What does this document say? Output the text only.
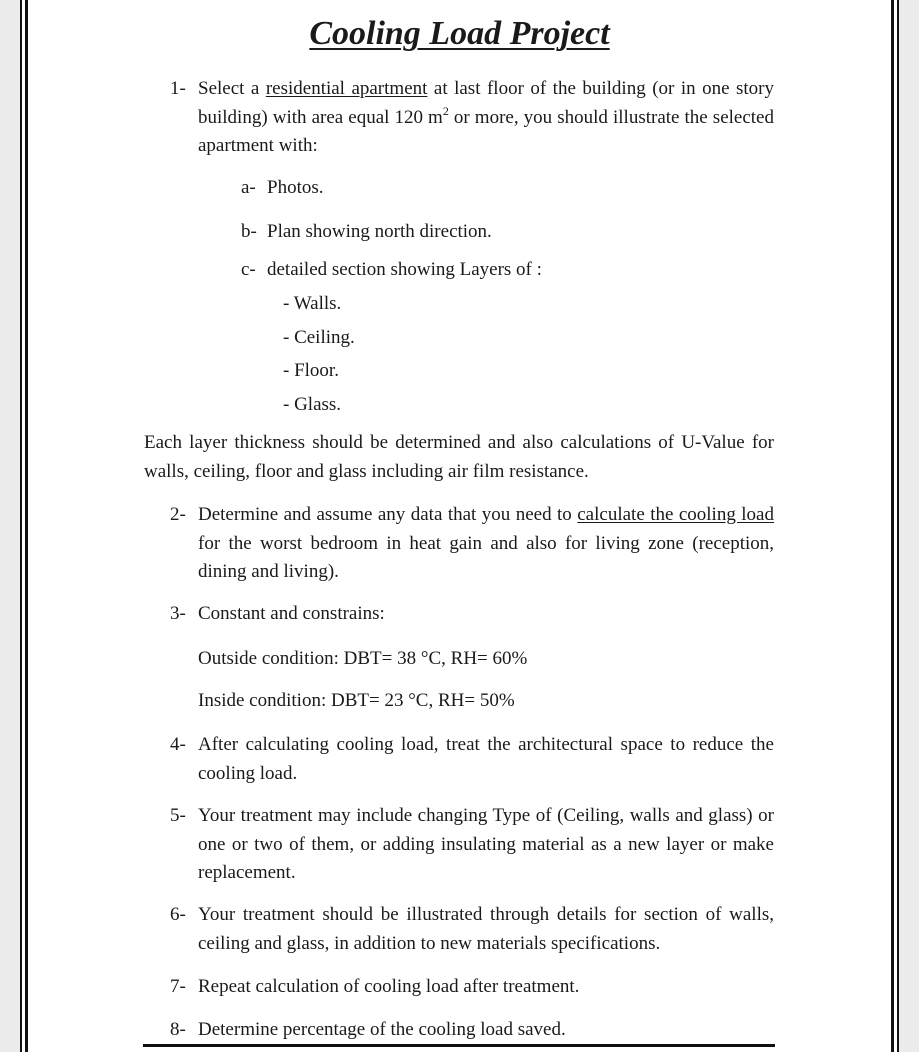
Cooling Load Project
1- Select a residential apartment at last floor of the building (or in one story building) with area equal 120 $m^2$ or more, you should illustrate the selected apartment with:

a- Photos.
b- Plan showing north direction.
c- detailed section showing Layers of :
- Walls.
- Ceiling.
- Floor.
- Glass.

Each layer thickness should be determined and also calculations of U-Value for walls, ceiling, floor and glass including air film resistance.

2- Determine and assume any data that you need to calculate the cooling load for the worst bedroom in heat gain and also for living zone (reception, dining and living).

3- Constant and constrains:
Outside condition: DBT= 38 °C, RH= 60%
Inside condition: DBT= 23 °C, RH= 50%
4- After calculating cooling load, treat the architectural space to reduce the cooling load.

5- Your treatment may include changing Type of (Ceiling, walls and glass) or one or two of them, or adding insulating material as a new layer or make replacement.

6- Your treatment should be illustrated through details for section of walls, ceiling and glass, in addition to new materials specifications.

7- Repeat calculation of cooling load after treatment.
8- Determine percentage of the cooling load saved.
